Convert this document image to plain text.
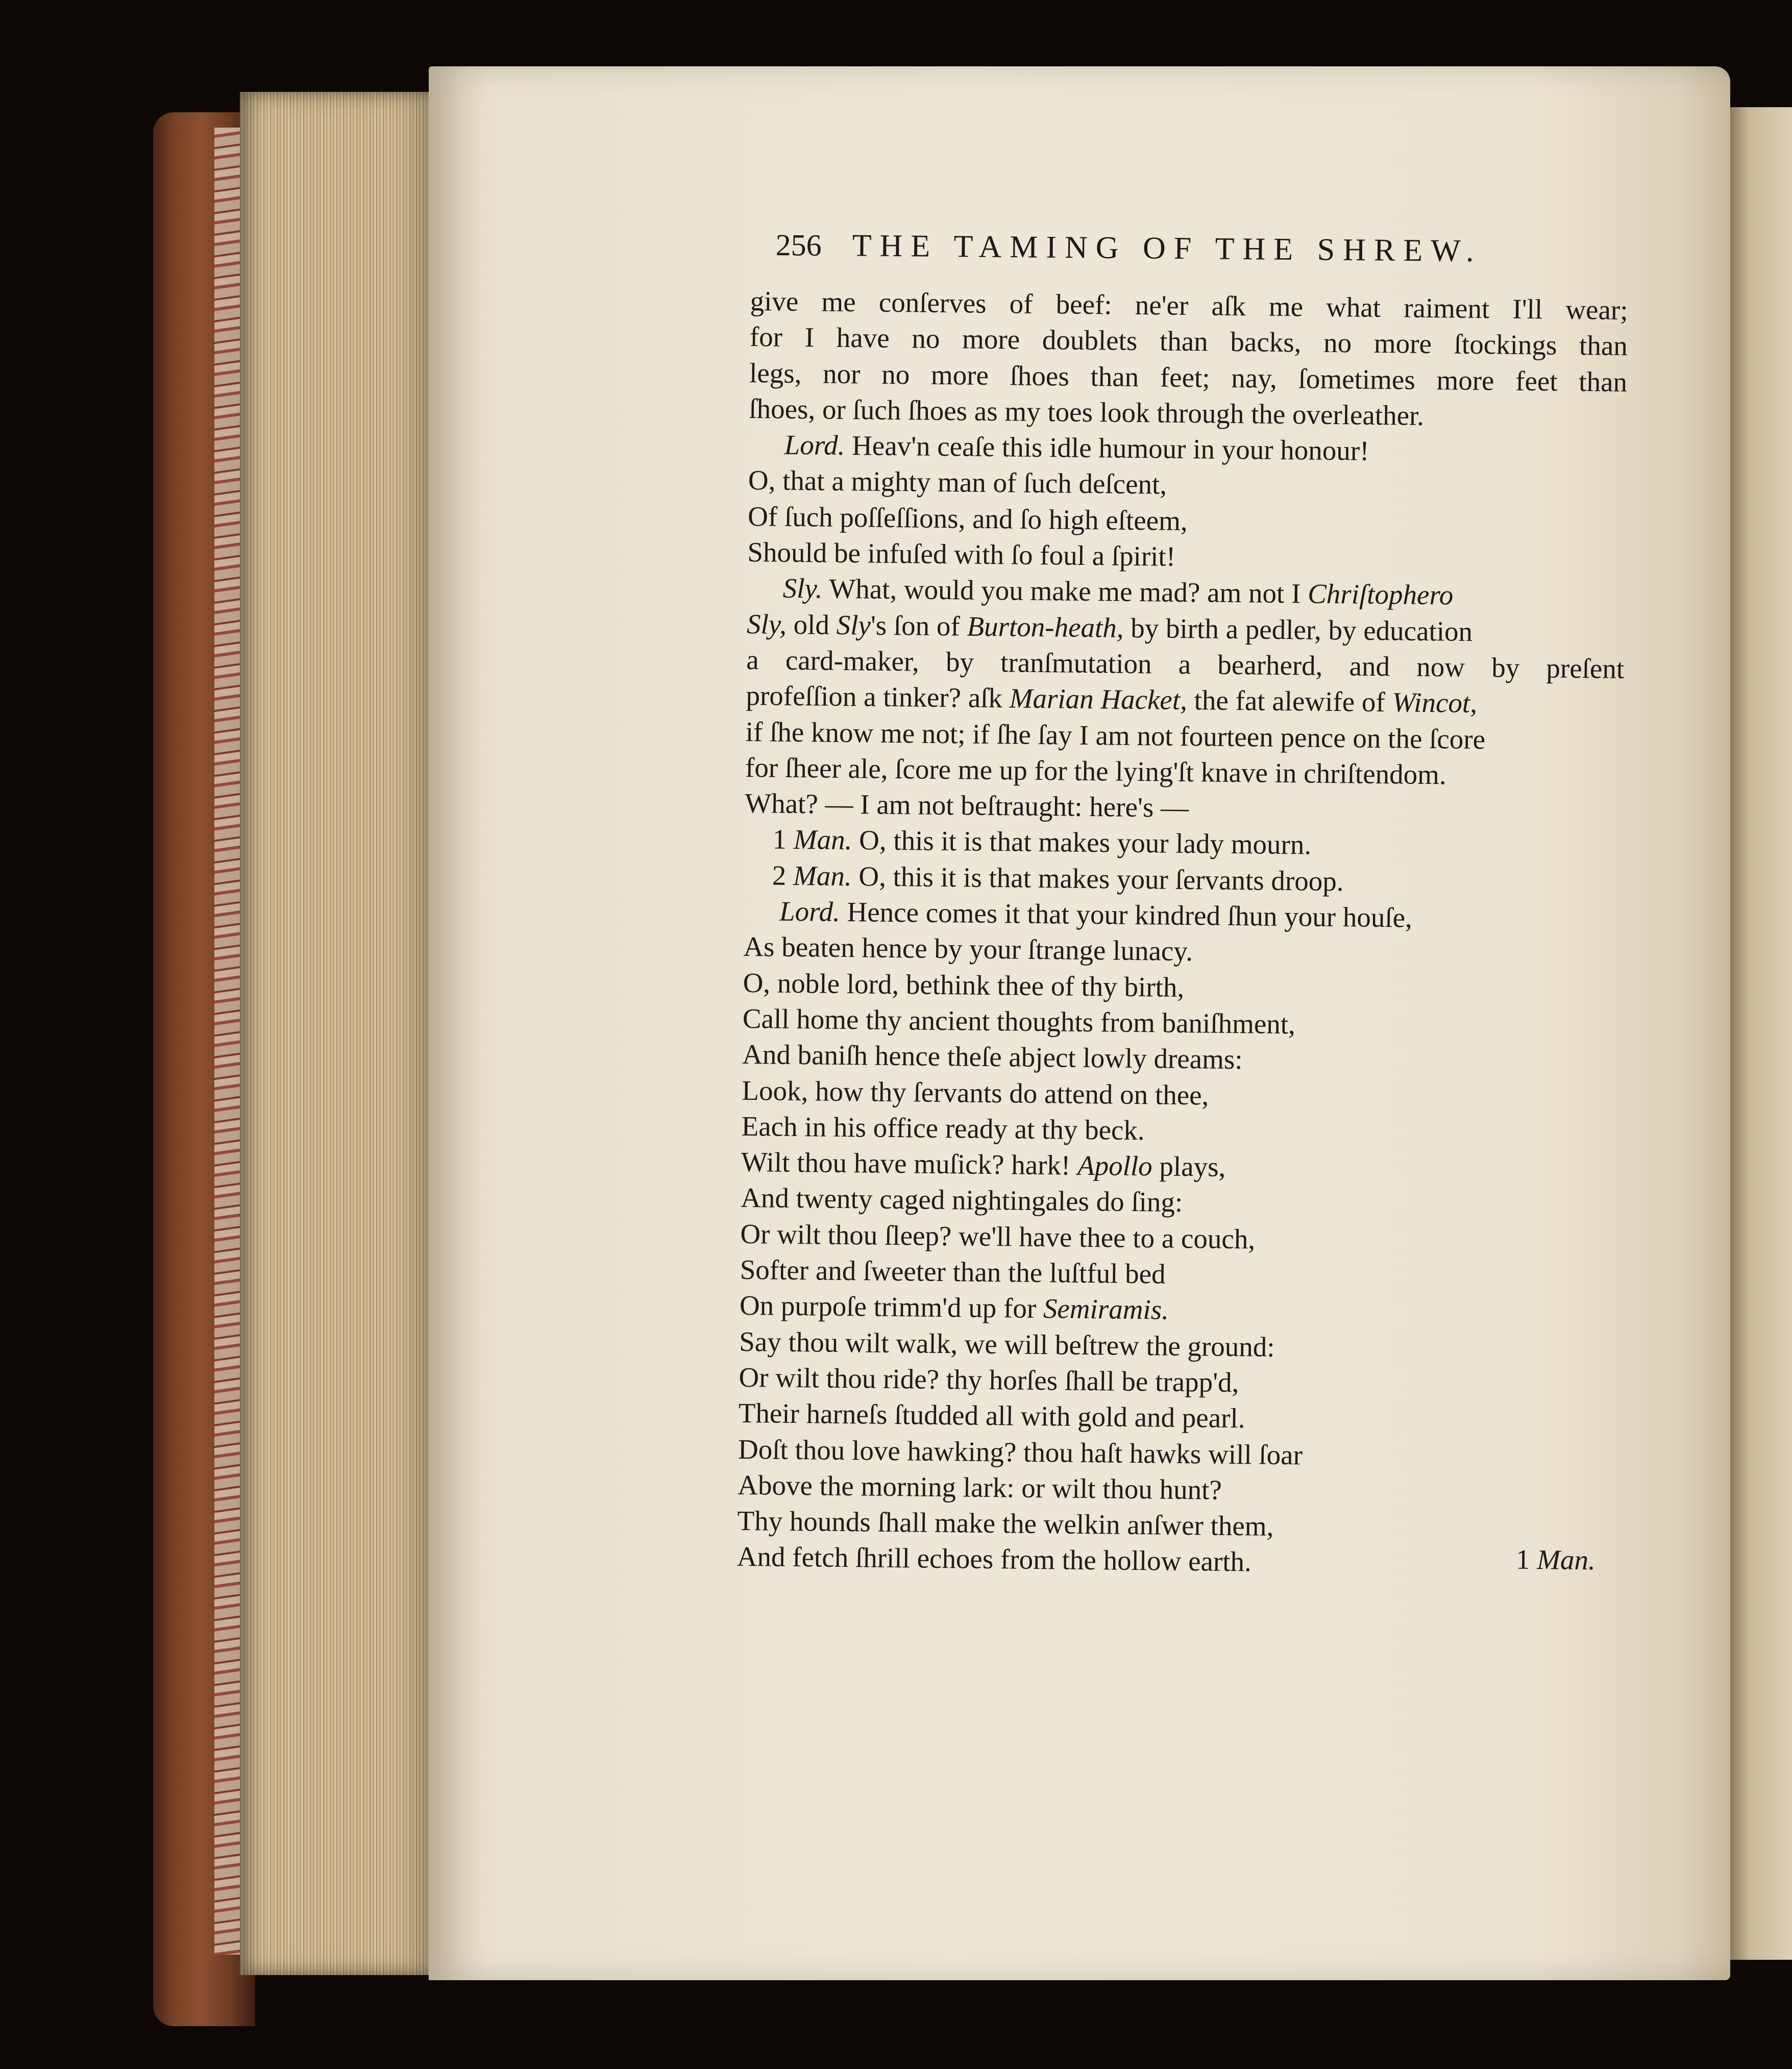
256 THE TAMING OF THE SHREW.
give me conſerves of beef: ne'er aſk me what raiment I'll wear;
for I have no more doublets than backs, no more ſtockings than
legs, nor no more ſhoes than feet; nay, ſometimes more feet than
ſhoes, or ſuch ſhoes as my toes look through the overleather.
Lord. Heav'n ceaſe this idle humour in your honour!
O, that a mighty man of ſuch deſcent,
Of ſuch poſſeſſions, and ſo high eſteem,
Should be infuſed with ſo foul a ſpirit!
Sly. What, would you make me mad? am not I Chriſtophero
Sly, old Sly's ſon of Burton-heath, by birth a pedler, by education
a card-maker, by tranſmutation a bearherd, and now by preſent
profeſſion a tinker? aſk Marian Hacket, the fat alewife of Wincot,
if ſhe know me not; if ſhe ſay I am not fourteen pence on the ſcore
for ſheer ale, ſcore me up for the lying'ſt knave in chriſtendom.
What? — I am not beſtraught: here's —
1 Man. O, this it is that makes your lady mourn.
2 Man. O, this it is that makes your ſervants droop.
Lord. Hence comes it that your kindred ſhun your houſe,
As beaten hence by your ſtrange lunacy.
O, noble lord, bethink thee of thy birth,
Call home thy ancient thoughts from baniſhment,
And baniſh hence theſe abject lowly dreams:
Look, how thy ſervants do attend on thee,
Each in his office ready at thy beck.
Wilt thou have muſick? hark! Apollo plays,
And twenty caged nightingales do ſing:
Or wilt thou ſleep? we'll have thee to a couch,
Softer and ſweeter than the luſtful bed
On purpoſe trimm'd up for Semiramis.
Say thou wilt walk, we will beſtrew the ground:
Or wilt thou ride? thy horſes ſhall be trapp'd,
Their harneſs ſtudded all with gold and pearl.
Doſt thou love hawking? thou haſt hawks will ſoar
Above the morning lark: or wilt thou hunt?
Thy hounds ſhall make the welkin anſwer them,
And fetch ſhrill echoes from the hollow earth.	1 Man.
